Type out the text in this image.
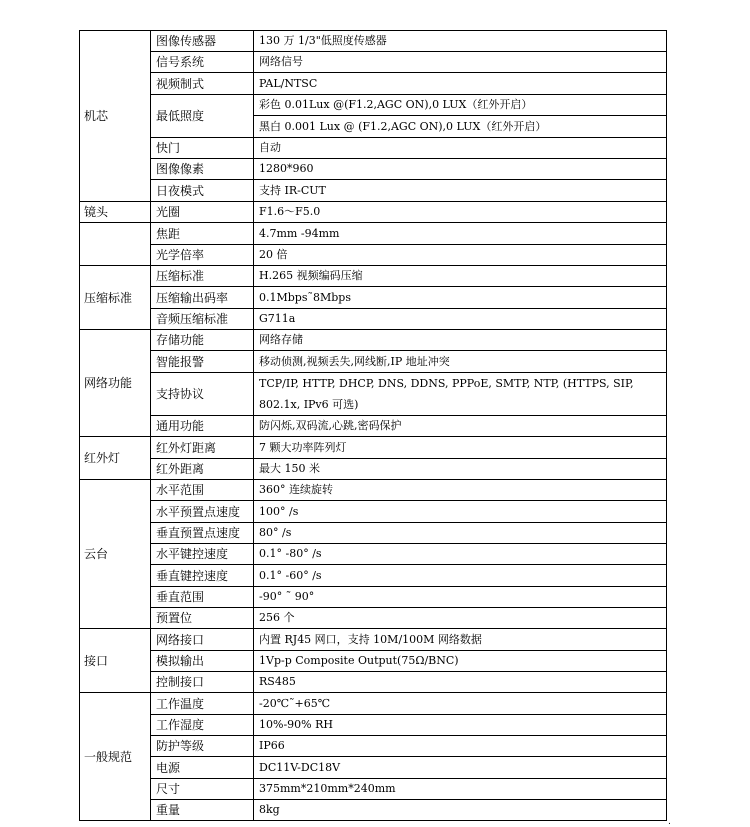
机芯	图像传感器	130 万 1/3"低照度传感器
	信号系统	网络信号
	视频制式	PAL/NTSC
	最低照度	彩色 0.01Lux @(F1.2,AGC ON),0 LUX（红外开启）
		黑白 0.001 Lux @ (F1.2,AGC ON),0 LUX（红外开启）
	快门	自动
	图像像素	1280*960
	日夜模式	支持 IR-CUT
镜头	光圈	F1.6～F5.0
	焦距	4.7mm -94mm
	光学倍率	20 倍
压缩标准	压缩标准	H.265 视频编码压缩
	压缩输出码率	0.1Mbps˜8Mbps
	音频压缩标准	G711a
网络功能	存储功能	网络存储
	智能报警	移动侦测,视频丢失,网线断,IP 地址冲突
	支持协议	TCP/IP, HTTP, DHCP, DNS, DDNS, PPPoE, SMTP, NTP, (HTTPS, SIP, 802.1x, IPv6 可选)
	通用功能	防闪烁,双码流,心跳,密码保护
红外灯	红外灯距离	7 颗大功率阵列灯
	红外距离	最大 150 米
云台	水平范围	360° 连续旋转
	水平预置点速度	100° /s
	垂直预置点速度	80° /s
	水平键控速度	0.1° -80° /s
	垂直键控速度	0.1° -60° /s
	垂直范围	-90° ˜ 90°
	预置位	256 个
接口	网络接口	内置 RJ45 网口，支持 10M/100M 网络数据
	模拟输出	1Vp-p Composite Output(75Ω/BNC)
	控制接口	RS485
一般规范	工作温度	-20℃˜+65℃
	工作湿度	10%-90% RH
	防护等级	IP66
	电源	DC11V-DC18V
	尺寸	375mm*210mm*240mm
	重量	8kg
.
